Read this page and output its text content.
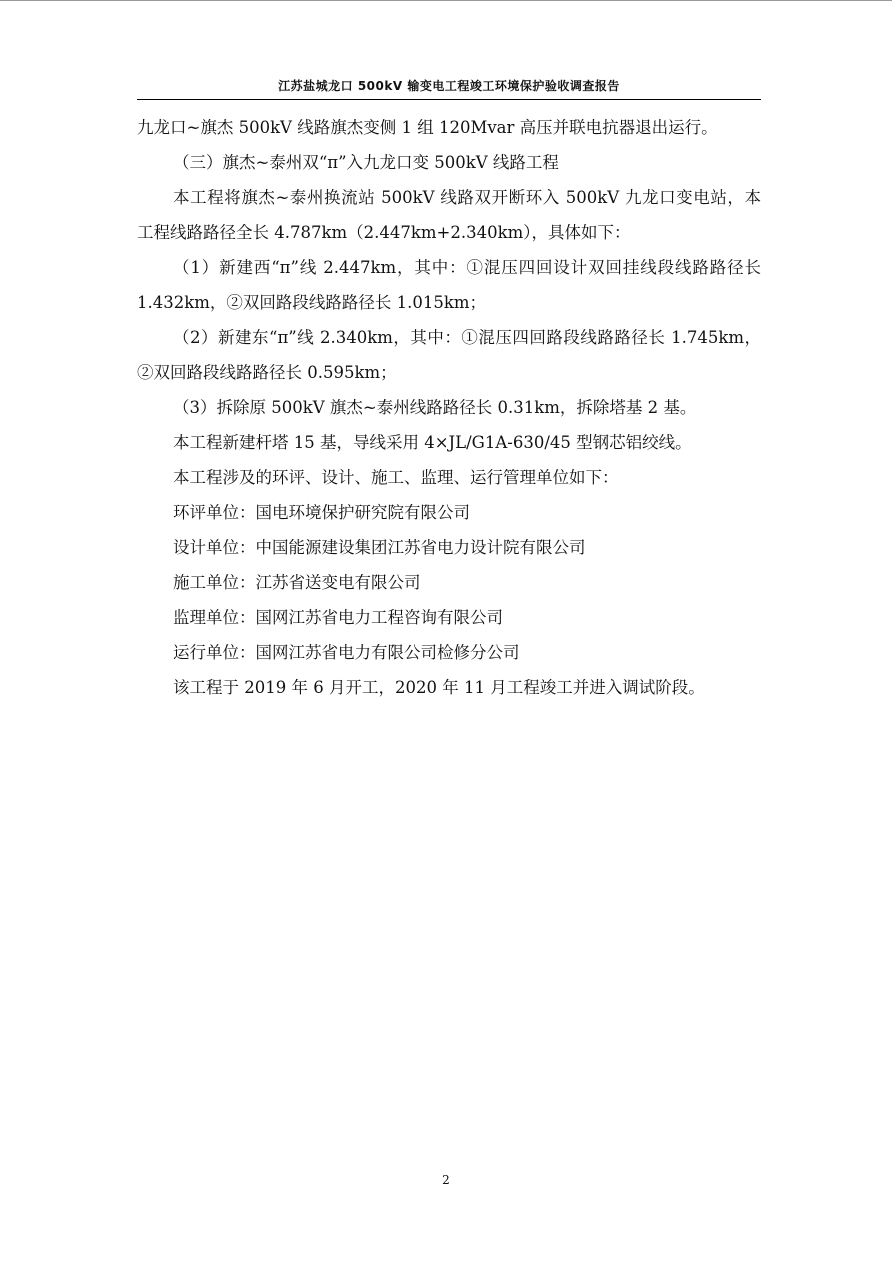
江苏盐城龙口 500kV 输变电工程竣工环境保护验收调查报告
九龙口~旗杰 500kV 线路旗杰变侧 1 组 120Mvar 高压并联电抗器退出运行。
（三）旗杰~泰州双“π”入九龙口变 500kV 线路工程
本工程将旗杰~泰州换流站 500kV 线路双开断环入 500kV 九龙口变电站，本
工程线路路径全长 4.787km（2.447km+2.340km），具体如下：
（1）新建西“π”线 2.447km，其中：①混压四回设计双回挂线段线路路径长
1.432km，②双回路段线路路径长 1.015km；
（2）新建东“π”线 2.340km，其中：①混压四回路段线路路径长 1.745km，
②双回路段线路路径长 0.595km；
（3）拆除原 500kV 旗杰~泰州线路路径长 0.31km，拆除塔基 2 基。
本工程新建杆塔 15 基，导线采用 4×JL/G1A-630/45 型钢芯铝绞线。
本工程涉及的环评、设计、施工、监理、运行管理单位如下：
环评单位：国电环境保护研究院有限公司
设计单位：中国能源建设集团江苏省电力设计院有限公司
施工单位：江苏省送变电有限公司
监理单位：国网江苏省电力工程咨询有限公司
运行单位：国网江苏省电力有限公司检修分公司
该工程于 2019 年 6 月开工，2020 年 11 月工程竣工并进入调试阶段。
2
